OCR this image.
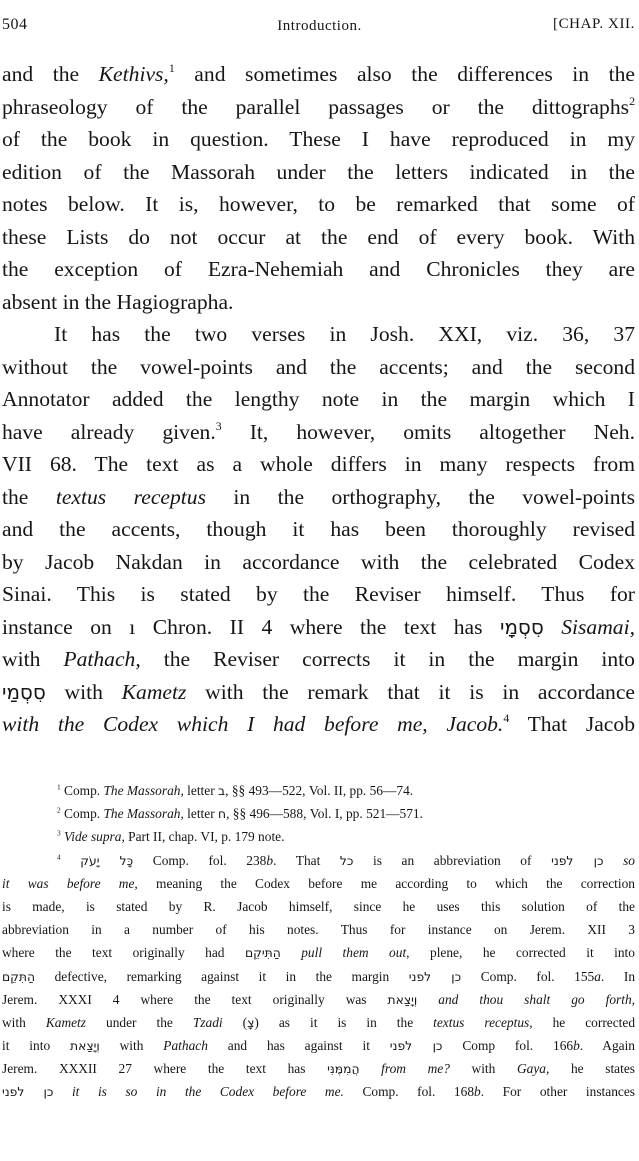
504	Introduction.	[CHAP. XII.
and the Kethivs,$^1$ and sometimes also the differences in the
phraseology of the parallel passages or the dittographs$^2$
of the book in question. These I have reproduced in my
edition of the Massorah under the letters indicated in the
notes below. It is, however, to be remarked that some of
these Lists do not occur at the end of every book. With
the exception of Ezra-Nehemiah and Chronicles they are
absent in the Hagiographa.
It has the two verses in Josh. XXI, viz. 36, 37
without the vowel-points and the accents; and the second
Annotator added the lengthy note in the margin which I
have already given.$^3$ It, however, omits altogether Neh.
VII 68. The text as a whole differs in many respects from
the textus receptus in the orthography, the vowel-points
and the accents, though it has been thoroughly revised
by Jacob Nakdan in accordance with the celebrated Codex
Sinai. This is stated by the Reviser himself. Thus for
instance on ı Chron. II 4 where the text has סִסְמָי Sisamai,
with Pathach, the Reviser corrects it in the margin into
סִסְמַי with Kametz with the remark that it is in accordance
with the Codex which I had before me, Jacob.$^4$ That Jacob
$^1$ Comp. The Massorah, letter ב, §§ 493—522, Vol. II, pp. 56—74.
$^2$ Comp. The Massorah, letter ח, §§ 496—588, Vol. I, pp. 521—571.
$^3$ Vide supra, Part II, chap. VI, p. 179 note.
$^4$ כָּל יָעֹק Comp. fol. 238b. That כל is an abbreviation of כן לפני so
it was before me, meaning the Codex before me according to which the correction
is made, is stated by R. Jacob himself, since he uses this solution of the
abbreviation in a number of his notes. Thus for instance on Jerem. XII 3
where the text originally had הַתִּיקֵם pull them out, plene, he corrected it into
הַתִּקֵם defective, remarking against it in the margin כן לפני Comp. fol. 155a. In
Jerem. XXXI 4 where the text originally was וְיָצַאת and thou shalt go forth,
with Kametz under the Tzadi (צָ) as it is in the textus receptus, he corrected
it into וְיָצַאת with Pathach and has against it כן לפני Comp fol. 166b. Again
Jerem. XXXII 27 where the text has הֲמִמֶּנִּי from me? with Gaya, he states
כן לפני it is so in the Codex before me. Comp. fol. 168b. For other instances
